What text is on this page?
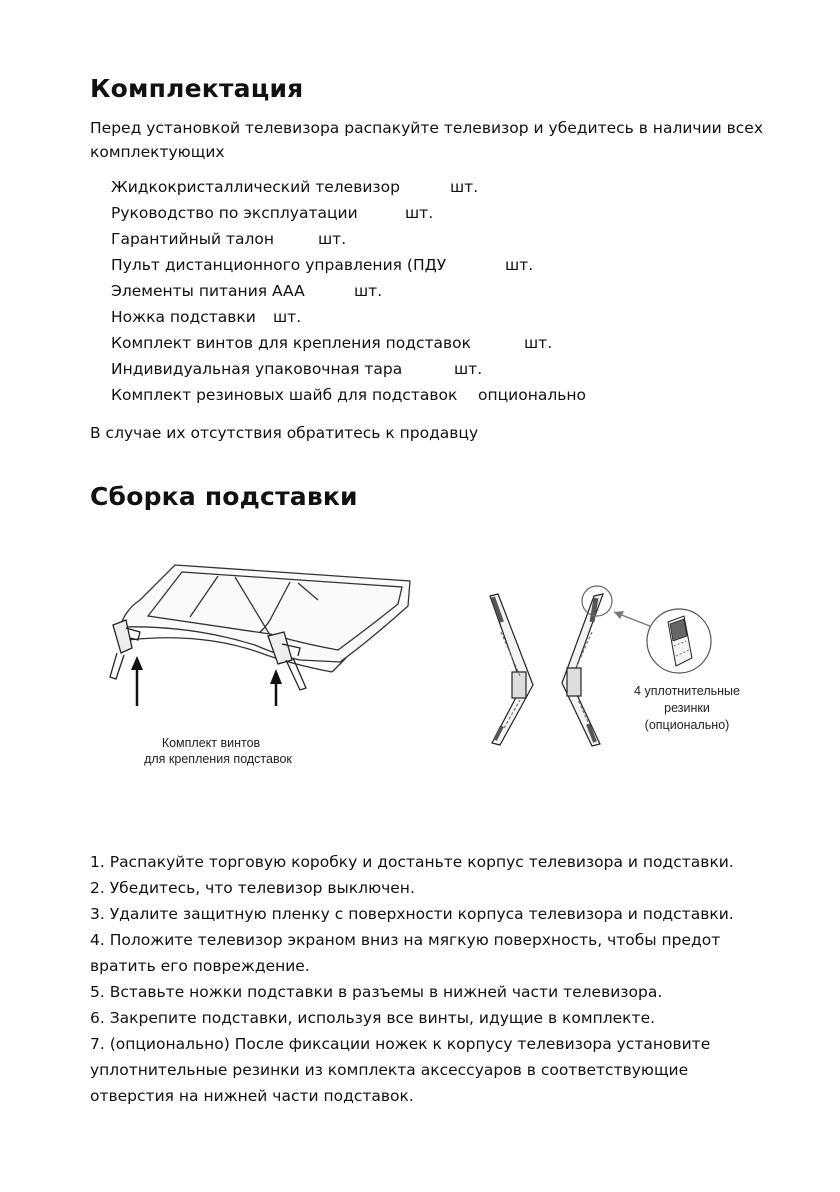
Комплектация
Перед установкой телевизора распакуйте телевизор и убедитесь в наличии всех комплектующих
Жидкокристаллический телевизор	шт.
Руководство по эксплуатации	шт.
Гарантийный талон	шт.
Пульт дистанционного управления (ПДУ	шт.
Элементы питания AAA	шт.
Ножка подставки шт.
Комплект винтов для крепления подставок	шт.
Индивидуальная упаковочная тара	шт.
Комплект резиновых шайб для подставок опционально
В случае их отсутствия обратитесь к продавцу
Сборка подставки
Комплект винтов
для крепления подставок
4 уплотнительные
резинки
(опционально)
1. Распакуйте торговую коробку и достаньте корпус телевизора и подставки.
2. Убедитесь, что телевизор выключен.
3. Удалите защитную пленку с поверхности корпуса телевизора и подставки.
4. Положите телевизор экраном вниз на мягкую поверхность, чтобы предот вратить его повреждение.
5. Вставьте ножки подставки в разъемы в нижней части телевизора.
6. Закрепите подставки, используя все винты, идущие в комплекте.
7. (опционально) После фиксации ножек к корпусу телевизора установите уплотнительные резинки из комплекта аксессуаров в соответствующие отверстия на нижней части подставок.
